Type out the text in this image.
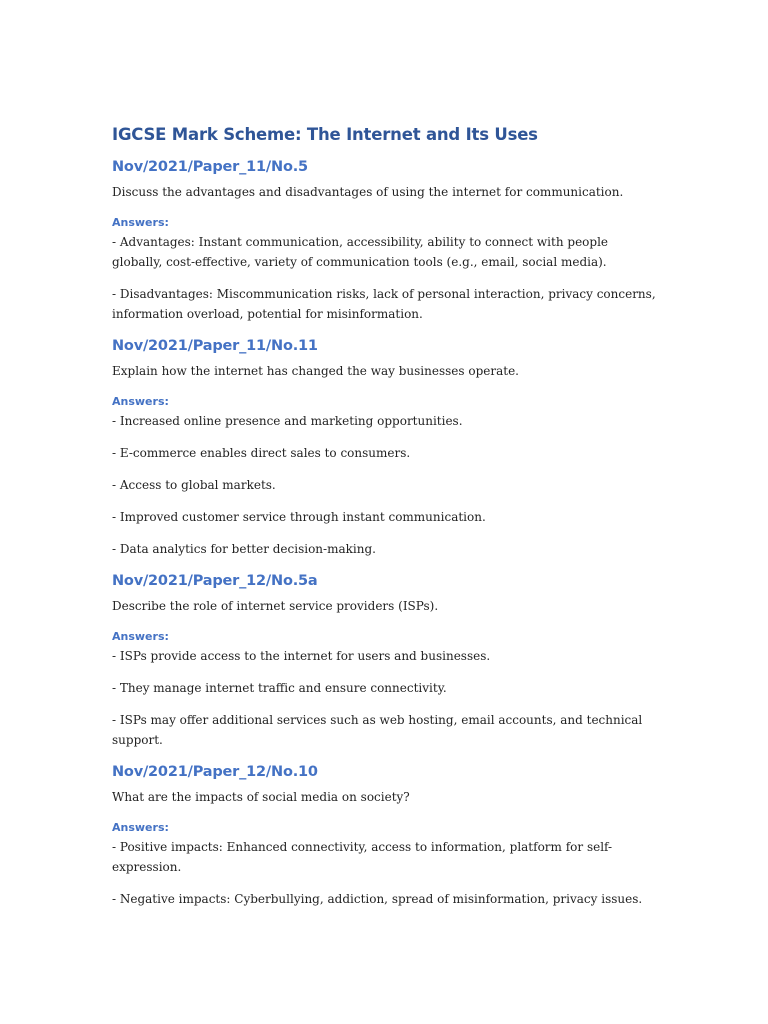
IGCSE Mark Scheme: The Internet and Its Uses
Nov/2021/Paper_11/No.5

Discuss the advantages and disadvantages of using the internet for communication.

Answers:

- Advantages: Instant communication, accessibility, ability to connect with people globally, cost-effective, variety of communication tools (e.g., email, social media).

- Disadvantages: Miscommunication risks, lack of personal interaction, privacy concerns, information overload, potential for misinformation.

Nov/2021/Paper_11/No.11

Explain how the internet has changed the way businesses operate.

Answers:

- Increased online presence and marketing opportunities.

- E-commerce enables direct sales to consumers.

- Access to global markets.

- Improved customer service through instant communication.

- Data analytics for better decision-making.

Nov/2021/Paper_12/No.5a

Describe the role of internet service providers (ISPs).

Answers:

- ISPs provide access to the internet for users and businesses.

- They manage internet traffic and ensure connectivity.

- ISPs may offer additional services such as web hosting, email accounts, and technical support.

Nov/2021/Paper_12/No.10

What are the impacts of social media on society?

Answers:

- Positive impacts: Enhanced connectivity, access to information, platform for self-expression.

- Negative impacts: Cyberbullying, addiction, spread of misinformation, privacy issues.
